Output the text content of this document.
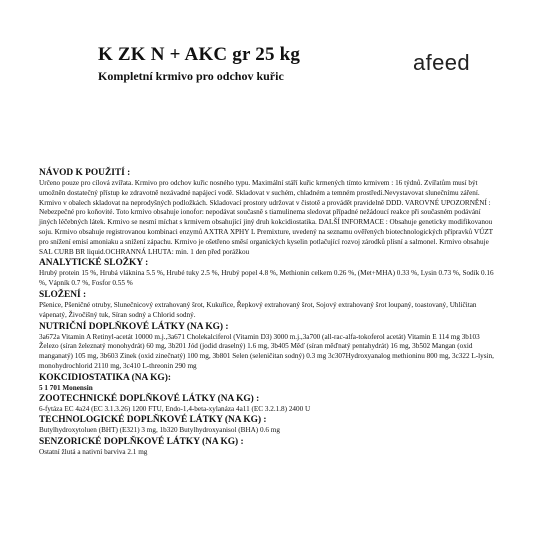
K ZK N + AKC gr 25 kg
Kompletní krmivo pro odchov kuřic
afeed
NÁVOD K POUŽITÍ :
Určeno pouze pro cílová zvířata. Krmivo pro odchov kuřic nosného typu. Maximální stáří kuřic krmených tímto krmivem : 16 týdnů. Zvířatům musí být umožněn dostatečný přístup ke zdravotně nezávadné napájecí vodě. Skladovat v suchém, chladném a temném prostředí.Nevystavovat slunečnímu záření. Krmivo v obalech skladovat na neprodyšných podložkách. Skladovací prostory udržovat v čistotě a provádět pravidelně DDD. VAROVNÉ UPOZORNĚNÍ : Nebezpečné pro koňovité. Toto krmivo obsahuje ionofor: nepodávat současně s tiamulinema sledovat případné nežádoucí reakce při současném podávání jiných léčebných látek. Krmivo se nesmí míchat s krmivem obsahující jiný druh kokcidiostatika. DALŠÍ INFORMACE : Obsahuje geneticky modifikovanou soju. Krmivo obsahuje registrovanou kombinaci enzymů AXTRA XPHY L Premixture, uvedený na seznamu ověřených biotechnologických přípravků VÚZT pro snížení emisí amoniaku a snížení zápachu. Krmivo je ošetřeno směsí organických kyselin potlačující rozvoj zárodků plísní a salmonel. Krmivo obsahuje SAL CURB BR liquid.OCHRANNÁ LHUTA: min. 1 den před porážkou
ANALYTICKÉ SLOŽKY :
Hrubý protein 15 %, Hrubá vláknina 5.5 %, Hrubé tuky 2.5 %, Hrubý popel 4.8 %, Methionin celkem 0.26 %, (Met+MHA) 0.33 %, Lysin 0.73 %, Sodík 0.16 %, Vápník 0.7 %, Fosfor 0.55 %
SLOŽENÍ :
Pšenice, Pšeničné otruby, Slunečnicový extrahovaný šrot, Kukuřice, Řepkový extrahovaný šrot, Sojový extrahovaný šrot loupaný, toastovaný, Uhličitan vápenatý, Živočišný tuk, Síran sodný a Chlorid sodný.
NUTRIČNÍ DOPLŇKOVÉ LÁTKY (NA KG) :
3a672a Vitamin A Retinyl-acetát 10000 m.j.,3a671 Cholekalciferol (Vitamin D3) 3000 m.j.,3a700 (all-rac-alfa-tokoferol acetát) Vitamin E 114 mg 3b103 Železo (síran železnatý monohydrát) 60 mg, 3b201 Jód (jodid draselný) 1.6 mg, 3b405 Měď (síran měďnatý pentahydrát) 16 mg, 3b502 Mangan (oxid manganatý) 105 mg, 3b603 Zinek (oxid zinečnatý) 100 mg, 3b801 Selen (seleničitan sodný) 0.3 mg 3c307Hydroxyanalog methioninu 800 mg, 3c322 L-lysin, monohydrochlorid 2110 mg, 3c410 L-threonin 290 mg
KOKCIDIOSTATIKA (NA KG):
5 1 701 Monensin
ZOOTECHNICKÉ DOPLŇKOVÉ LÁTKY (NA KG) :
6-fytáza EC 4a24 (EC 3.1.3.26) 1200 FTU, Endo-1,4-beta-xylanáza 4a11 (EC 3.2.1.8) 2400 U
TECHNOLOGICKÉ DOPLŇKOVÉ LÁTKY (NA KG) :
Butylhydroxytoluen (BHT) (E321) 3 mg, 1b320 Butylhydroxyanisol (BHA) 0.6 mg
SENZORICKÉ DOPLŇKOVÉ LÁTKY (NA KG) :
Ostatní žlutá a nativní barviva 2.1 mg
